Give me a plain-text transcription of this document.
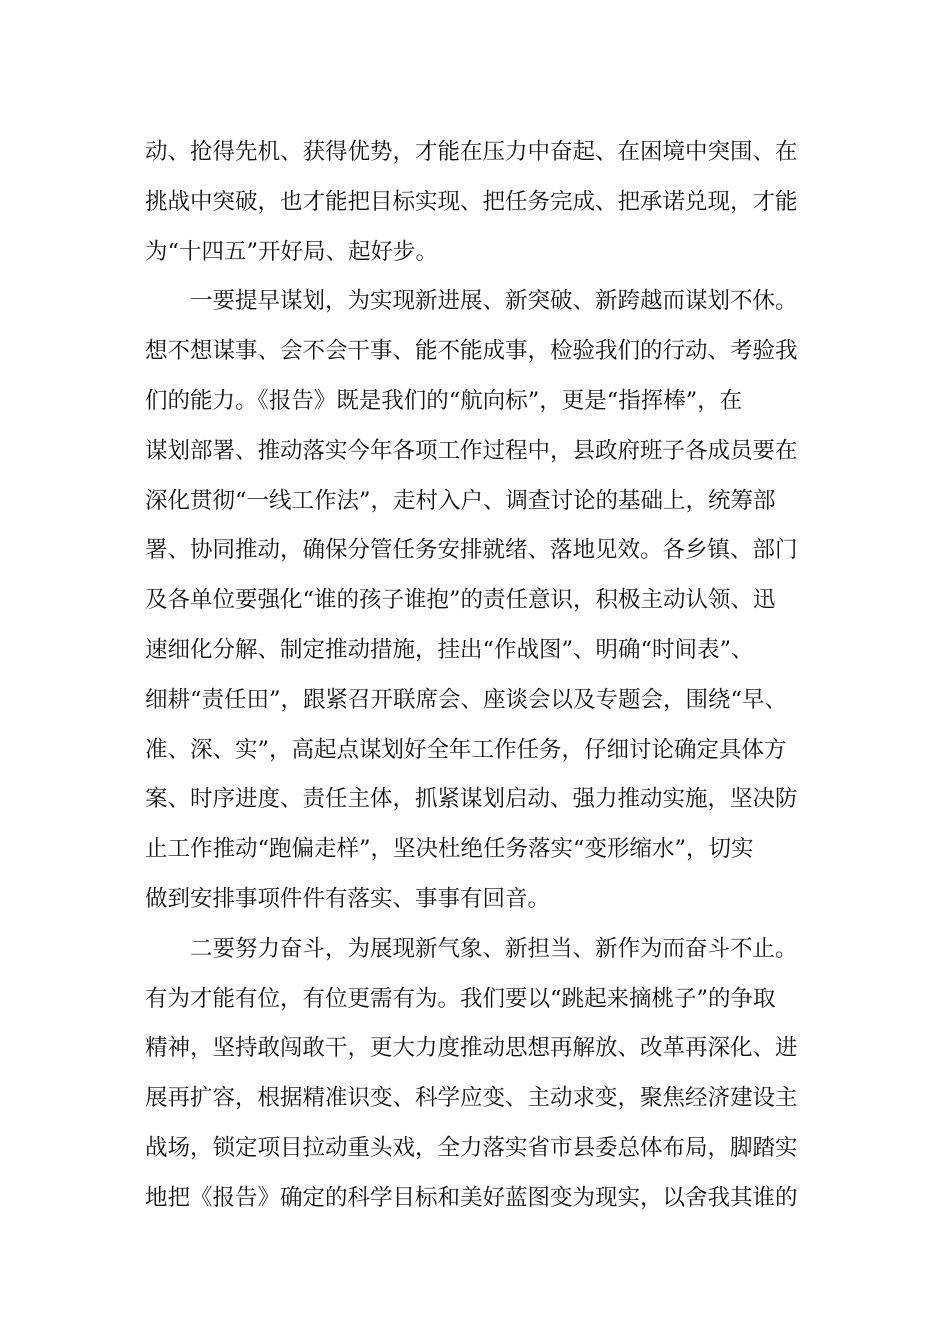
动、抢得先机、获得优势，才能在压力中奋起、在困境中突围、在
挑战中突破，也才能把目标实现、把任务完成、把承诺兑现，才能
为“十四五”开好局、起好步。
一要提早谋划，为实现新进展、新突破、新跨越而谋划不休。
想不想谋事、会不会干事、能不能成事，检验我们的行动、考验我
们的能力。《报告》既是我们的“航向标”，更是“指挥棒”，在
谋划部署、推动落实今年各项工作过程中，县政府班子各成员要在
深化贯彻“一线工作法”，走村入户、调查讨论的基础上，统筹部
署、协同推动，确保分管任务安排就绪、落地见效。各乡镇、部门
及各单位要强化“谁的孩子谁抱”的责任意识，积极主动认领、迅
速细化分解、制定推动措施，挂出“作战图”、明确“时间表”、
细耕“责任田”，跟紧召开联席会、座谈会以及专题会，围绕“早、
准、深、实”，高起点谋划好全年工作任务，仔细讨论确定具体方
案、时序进度、责任主体，抓紧谋划启动、强力推动实施，坚决防
止工作推动“跑偏走样”，坚决杜绝任务落实“变形缩水”，切实
做到安排事项件件有落实、事事有回音。
二要努力奋斗，为展现新气象、新担当、新作为而奋斗不止。
有为才能有位，有位更需有为。我们要以“跳起来摘桃子”的争取
精神，坚持敢闯敢干，更大力度推动思想再解放、改革再深化、进
展再扩容，根据精准识变、科学应变、主动求变，聚焦经济建设主
战场，锁定项目拉动重头戏，全力落实省市县委总体布局，脚踏实
地把《报告》确定的科学目标和美好蓝图变为现实，以舍我其谁的
